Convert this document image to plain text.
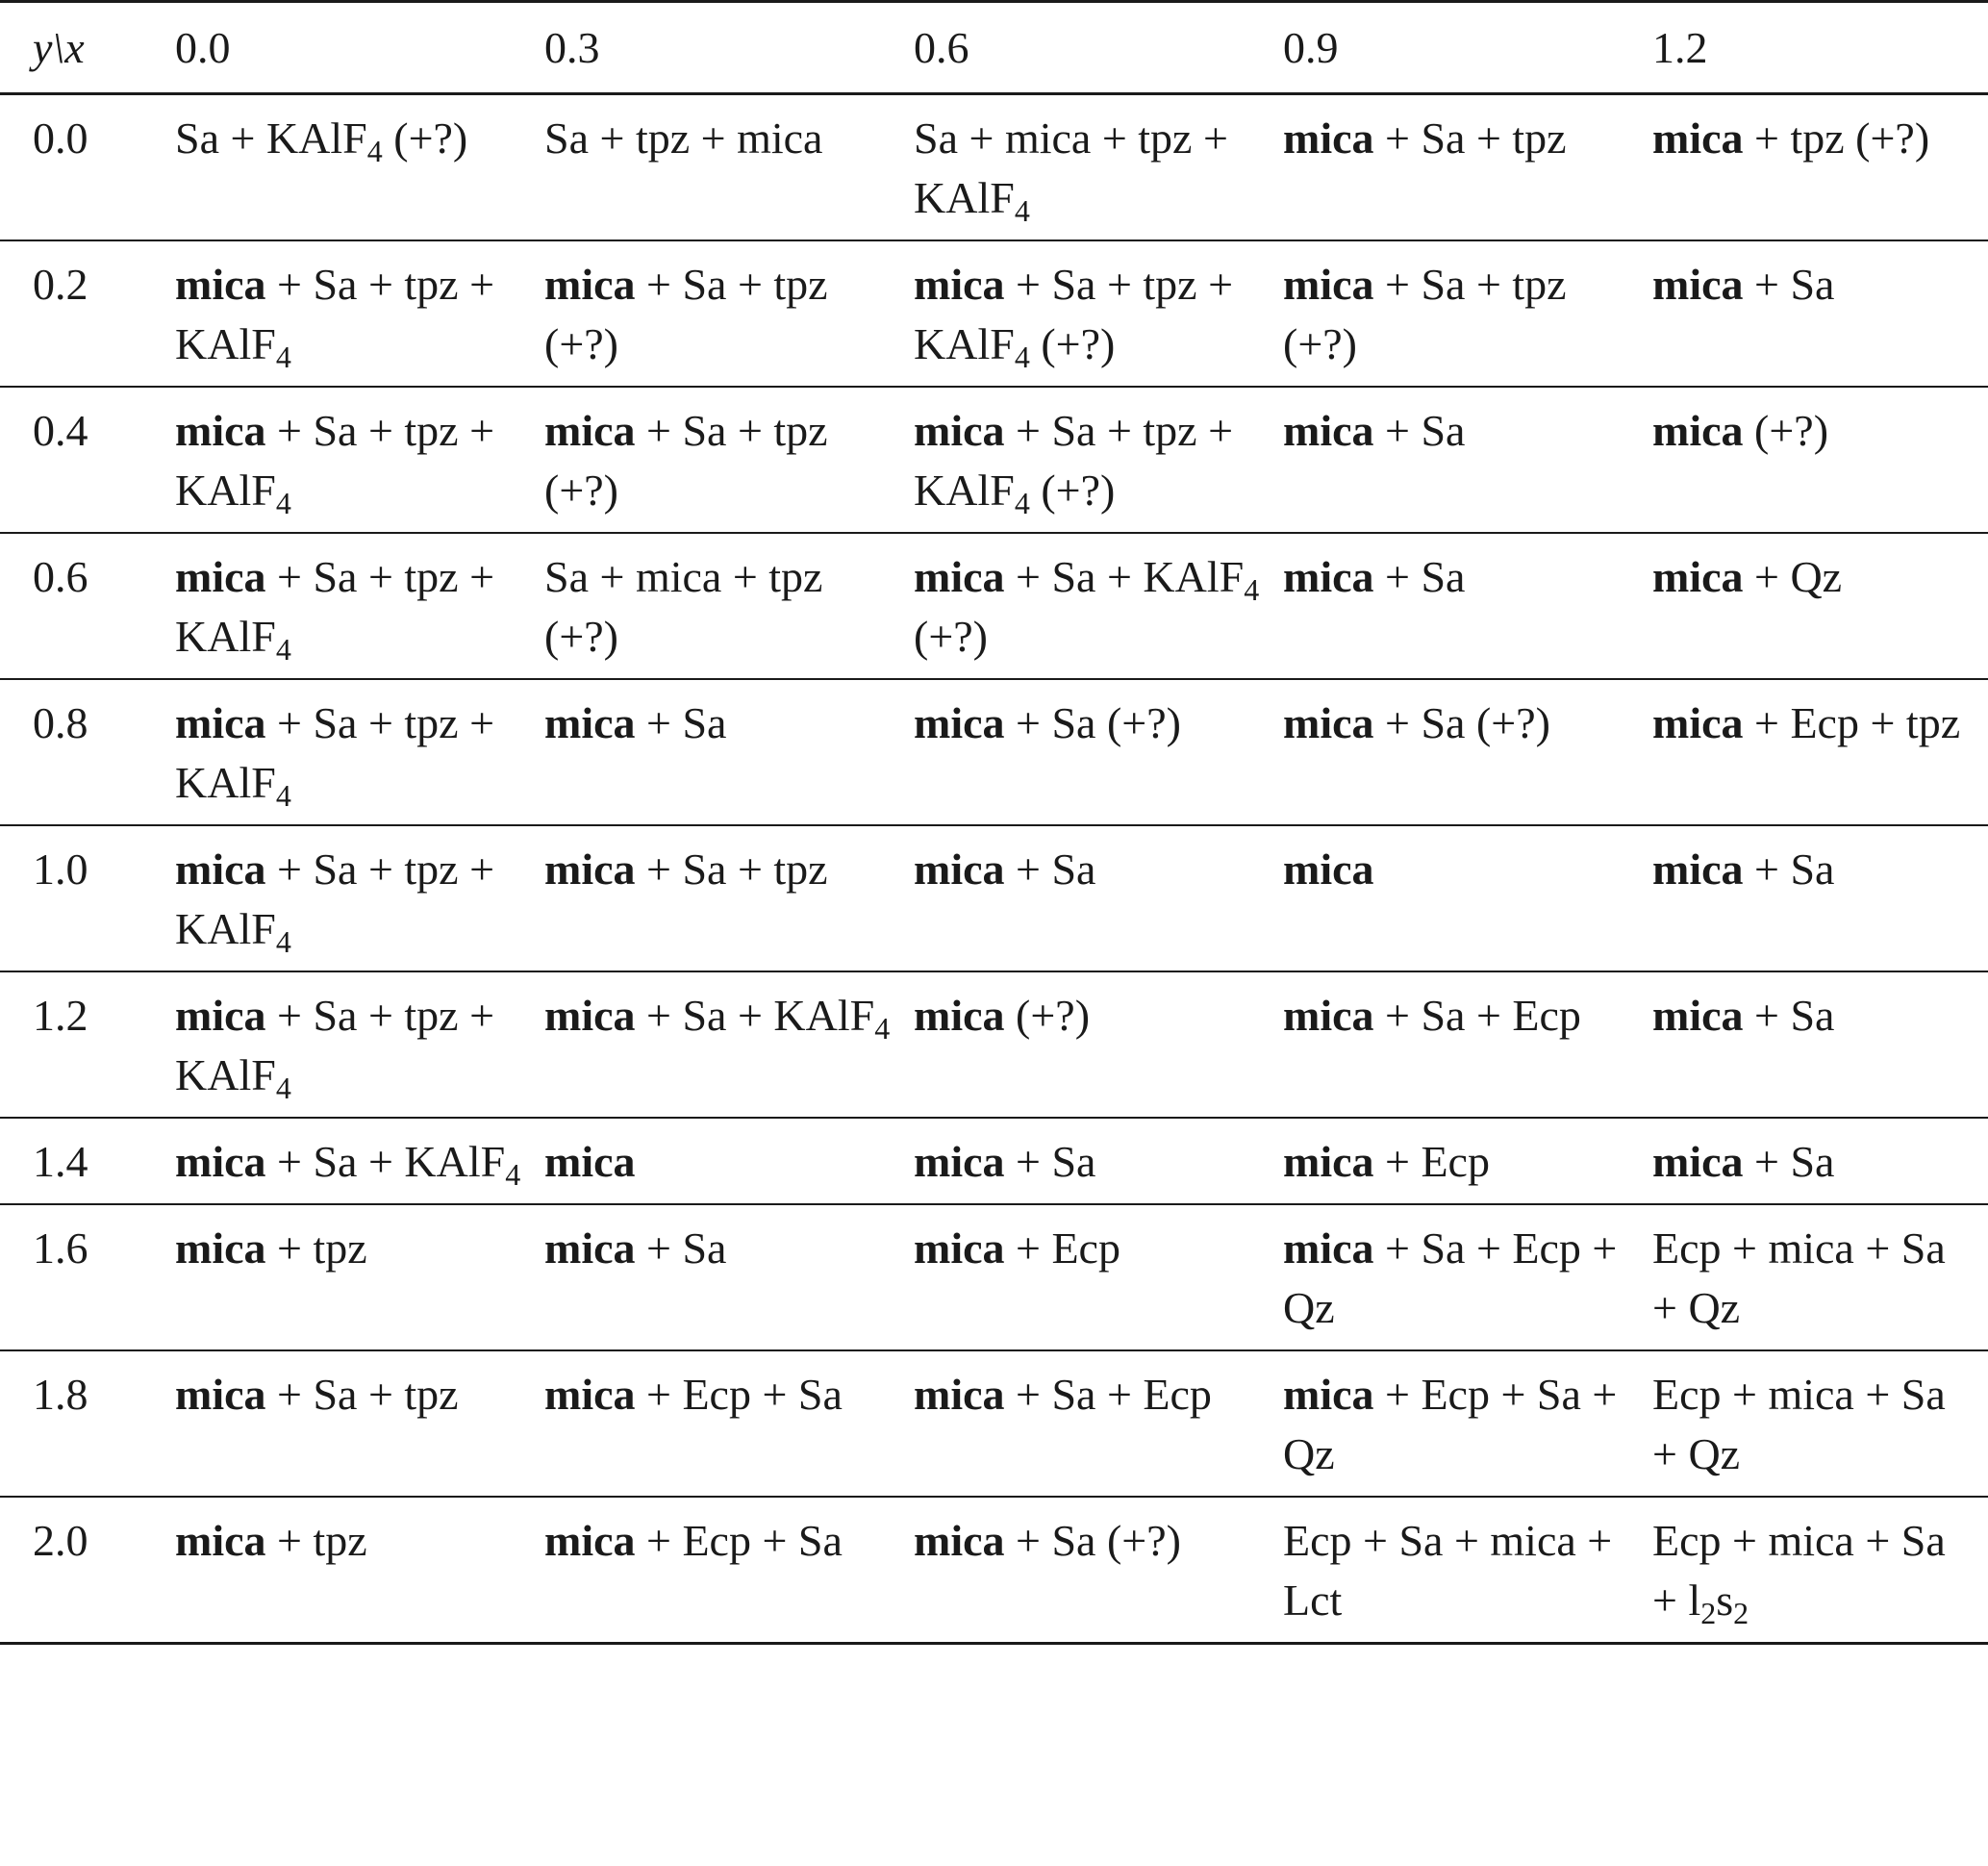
y\x	0.0	0.3	0.6	0.9	1.2
0.0	Sa + KAlF$_4$ (+?)	Sa + tpz + mica	Sa + mica + tpz + KAlF$_4$	mica + Sa + tpz	mica + tpz (+?)
0.2	mica + Sa + tpz + KAlF$_4$	mica + Sa + tpz (+?)	mica + Sa + tpz + KAlF$_4$ (+?)	mica + Sa + tpz (+?)	mica + Sa
0.4	mica + Sa + tpz + KAlF$_4$	mica + Sa + tpz (+?)	mica + Sa + tpz + KAlF$_4$ (+?)	mica + Sa	mica (+?)
0.6	mica + Sa + tpz + KAlF$_4$	Sa + mica + tpz (+?)	mica + Sa + KAlF$_4$ (+?)	mica + Sa	mica + Qz
0.8	mica + Sa + tpz + KAlF$_4$	mica + Sa	mica + Sa (+?)	mica + Sa (+?)	mica + Ecp + tpz
1.0	mica + Sa + tpz + KAlF$_4$	mica + Sa + tpz	mica + Sa	mica	mica + Sa
1.2	mica + Sa + tpz + KAlF$_4$	mica + Sa + KAlF$_4$	mica (+?)	mica + Sa + Ecp	mica + Sa
1.4	mica + Sa + KAlF$_4$	mica	mica + Sa	mica + Ecp	mica + Sa
1.6	mica + tpz	mica + Sa	mica + Ecp	mica + Sa + Ecp + Qz	Ecp + mica + Sa + Qz
1.8	mica + Sa + tpz	mica + Ecp + Sa	mica + Sa + Ecp	mica + Ecp + Sa + Qz	Ecp + mica + Sa + Qz
2.0	mica + tpz	mica + Ecp + Sa	mica + Sa (+?)	Ecp + Sa + mica + Lct	Ecp + mica + $Sa + l_2s_2$
